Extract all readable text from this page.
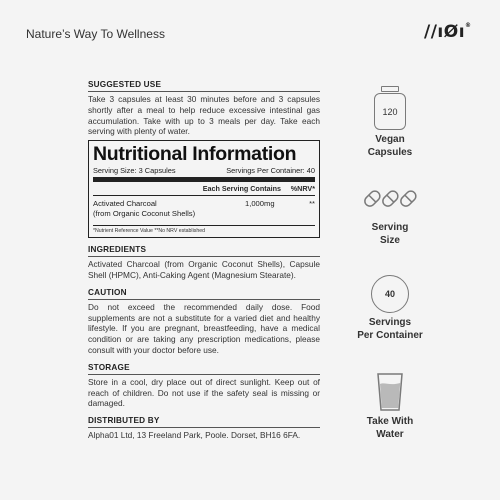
Nature’s Way To Wellness	//ıØı®
SUGGESTED USE
Take 3 capsules at least 30 minutes before and 3 capsules shortly after a meal to help reduce excessive intestinal gas accumulation. Take with up to 3 meals per day. Take each serving with plenty of water.
Nutritional Information
Serving Size: 3 Capsules	Servings Per Container: 40
Each Serving Contains	%NRV*
Activated Charcoal
(from Organic Coconut Shells)
1,000mg	**
*Nutrient Reference Value **No NRV established
INGREDIENTS
Activated Charcoal (from Organic Coconut Shells), Capsule Shell (HPMC), Anti-Caking Agent (Magnesium Stearate).
CAUTION
Do not exceed the recommended daily dose. Food supplements are not a substitute for a varied diet and healthy lifestyle. If you are pregnant, breastfeeding, have a medical condition or are taking any prescription medications, please consult with your doctor before use.
STORAGE
Store in a cool, dry place out of direct sunlight. Keep out of reach of children. Do not use if the safety seal is missing or damaged.
DISTRIBUTED BY
Alpha01 Ltd, 13 Freeland Park, Poole. Dorset, BH16 6FA.
120
Vegan
Capsules
Serving
Size
40
Servings
Per Container
Take With
Water
